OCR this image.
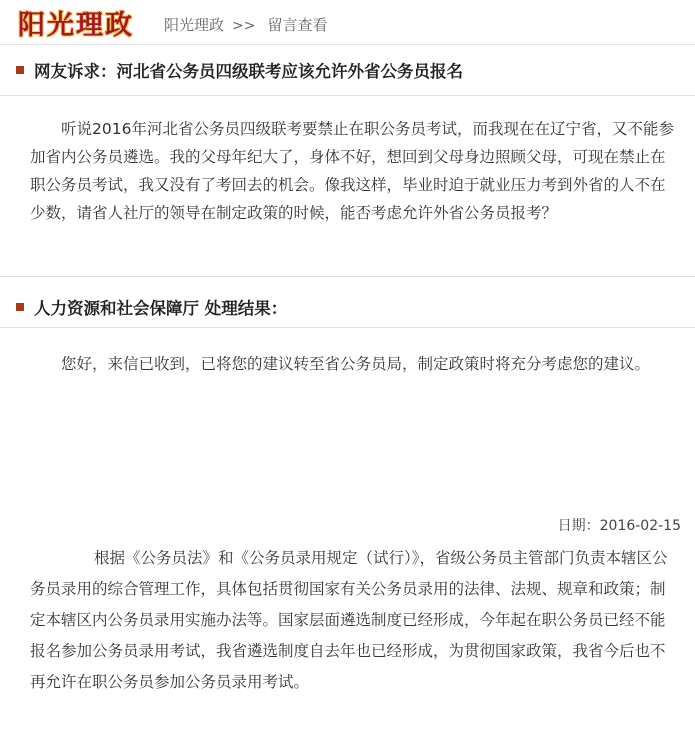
阳光理政 阳光理政 >> 留言查看
网友诉求：河北省公务员四级联考应该允许外省公务员报名
听说2016年河北省公务员四级联考要禁止在职公务员考试，而我现在在辽宁省，又不能参加省内公务员遴选。我的父母年纪大了，身体不好，想回到父母身边照顾父母，可现在禁止在职公务员考试，我又没有了考回去的机会。像我这样，毕业时迫于就业压力考到外省的人不在少数，请省人社厅的领导在制定政策的时候，能否考虑允许外省公务员报考？
人力资源和社会保障厅 处理结果：
您好，来信已收到，已将您的建议转至省公务员局，制定政策时将充分考虑您的建议。
日期：2016-02-15
根据《公务员法》和《公务员录用规定（试行）》，省级公务员主管部门负责本辖区公务员录用的综合管理工作，具体包括贯彻国家有关公务员录用的法律、法规、规章和政策；制定本辖区内公务员录用实施办法等。国家层面遴选制度已经形成，今年起在职公务员已经不能报名参加公务员录用考试，我省遴选制度自去年也已经形成，为贯彻国家政策，我省今后也不再允许在职公务员参加公务员录用考试。
